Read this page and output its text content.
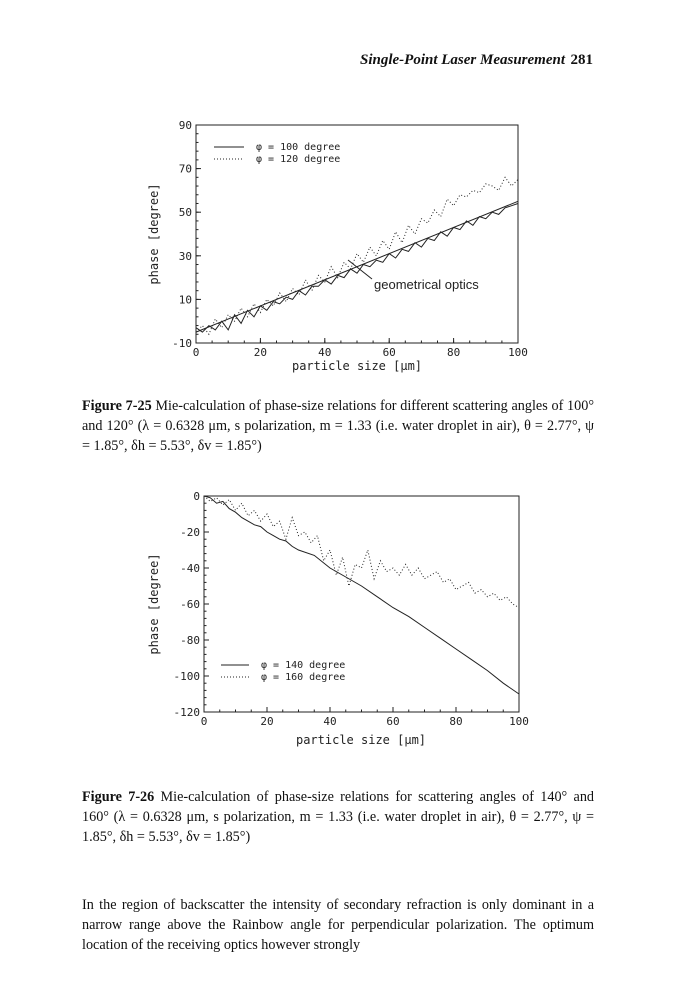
Single-Point Laser Measurement 281
0	20	40	60	80	100
-10
10
30
50
70
90
φ = 100 degree
φ = 120 degree
geometrical optics
particle size [μm]
phase [degree]
Figure 7-25 Mie-calculation of phase-size relations for different scattering angles of 100° and 120° (λ = 0.6328 μm, s polarization, m = 1.33 (i.e. water droplet in air), θ = 2.77°, ψ = 1.85°, δh = 5.53°, δv = 1.85°)
0	20	40	60	80	100
-120
-100
-80
-60
-40
-20
0
φ = 140 degree
φ = 160 degree
particle size [μm]
phase [degree]
Figure 7-26 Mie-calculation of phase-size relations for scattering angles of 140° and 160° (λ = 0.6328 μm, s polarization, m = 1.33 (i.e. water droplet in air), θ = 2.77°, ψ = 1.85°, δh = 5.53°, δv = 1.85°)
In the region of backscatter the intensity of secondary refraction is only dominant in a narrow range above the Rainbow angle for perpendicular polarization. The optimum location of the receiving optics however strongly
